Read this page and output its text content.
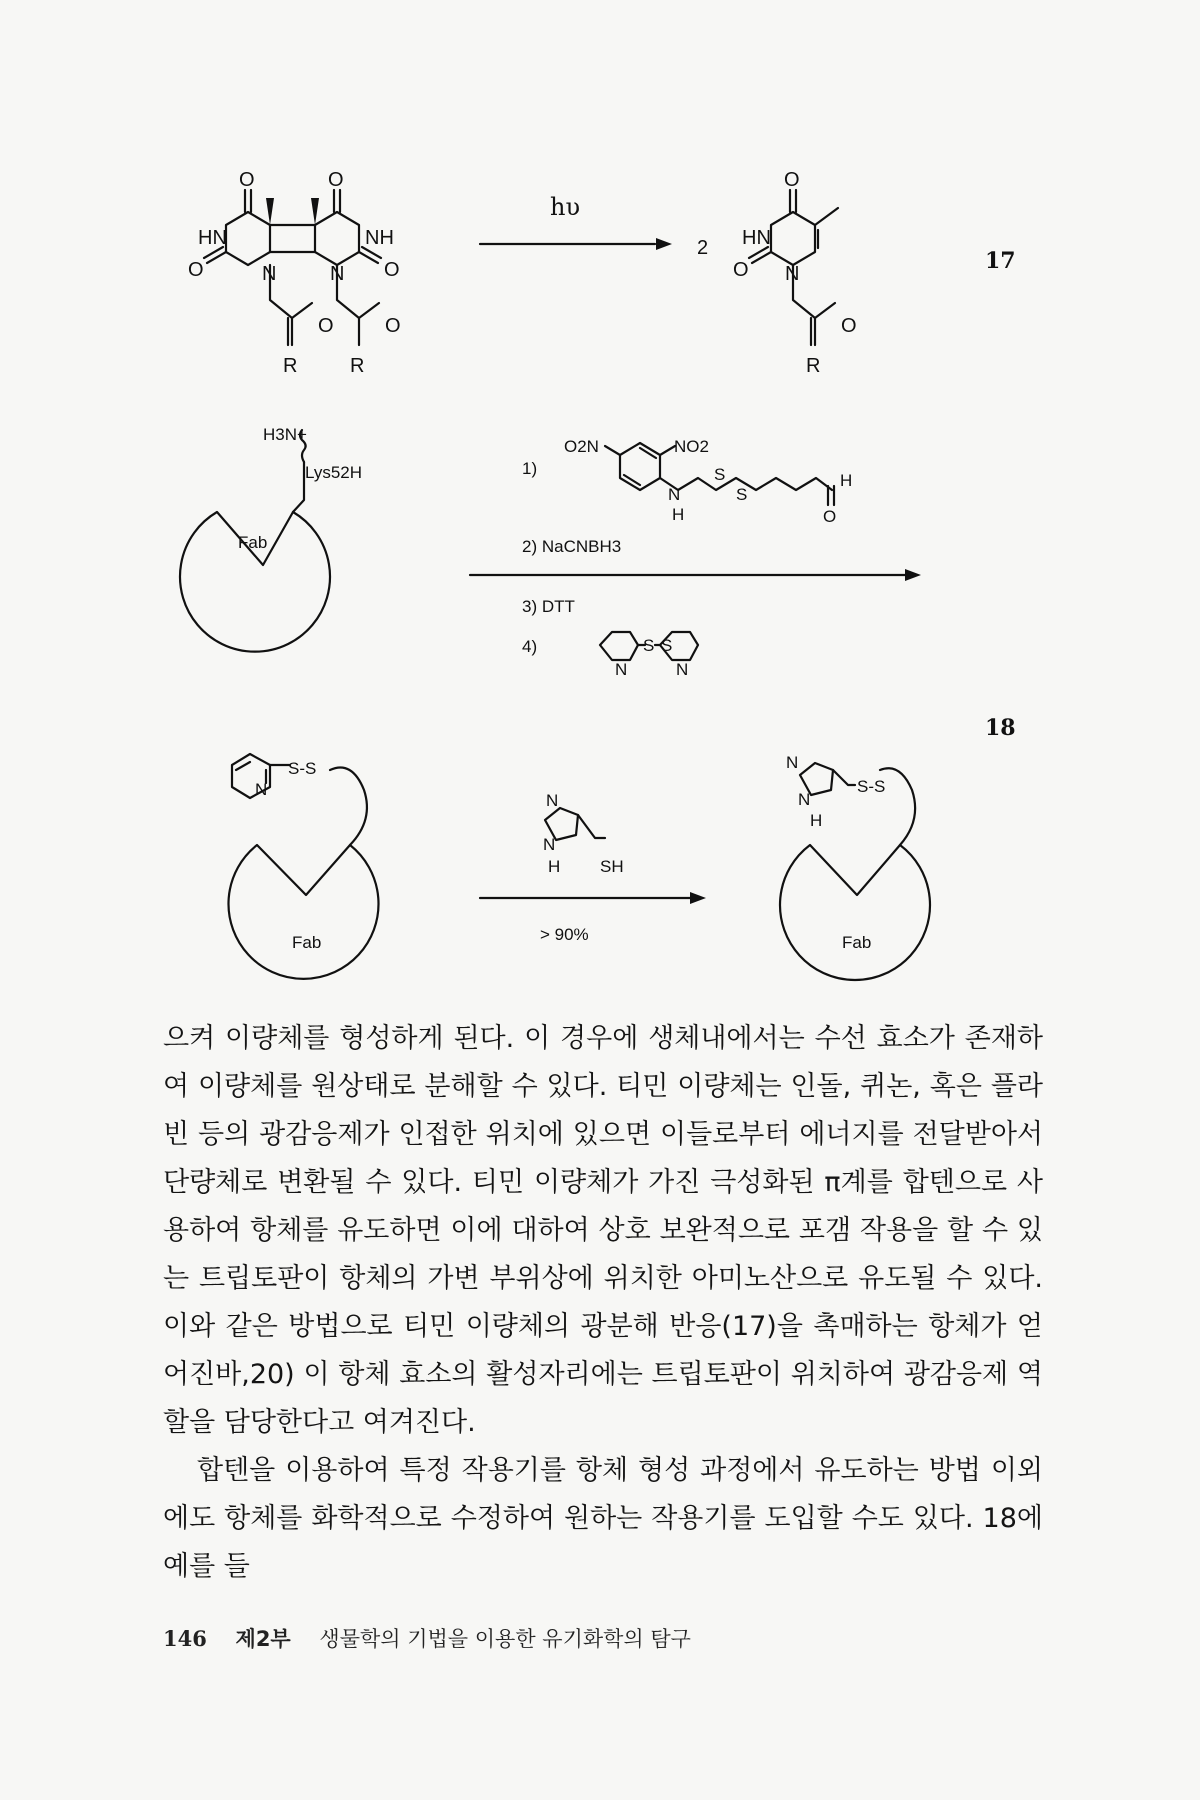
O	O
HN	NH
O	O
N	N
O	O
R	R
hυ
2
O
HN
O N
O
R
17
H3N+
Lys52H
Fab
1)
O2N	NO2
N
H
S
S
H
O
2) NaCNBH3
3) DTT
4)
N
S S
N
18
N
S-S
Fab
N
N
H SH
> 90%
N
N
H
S-S
Fab

으켜 이량체를 형성하게 된다. 이 경우에 생체내에서는 수선 효소가 존재하여 이량체를 원상태로 분해할 수 있다. 티민 이량체는 인돌, 퀴논, 혹은 플라빈 등의 광감응제가 인접한 위치에 있으면 이들로부터 에너지를 전달받아서 단량체로 변환될 수 있다. 티민 이량체가 가진 극성화된 π계를 합텐으로 사용하여 항체를 유도하면 이에 대하여 상호 보완적으로 포갬 작용을 할 수 있는 트립토판이 항체의 가변 부위상에 위치한 아미노산으로 유도될 수 있다. 이와 같은 방법으로 티민 이량체의 광분해 반응(17)을 촉매하는 항체가 얻어진바,20) 이 항체 효소의 활성자리에는 트립토판이 위치하여 광감응제 역할을 담당한다고 여겨진다.

합텐을 이용하여 특정 작용기를 항체 형성 과정에서 유도하는 방법 이외에도 항체를 화학적으로 수정하여 원하는 작용기를 도입할 수도 있다. 18에 예를 들

146 제2부 생물학의 기법을 이용한 유기화학의 탐구
